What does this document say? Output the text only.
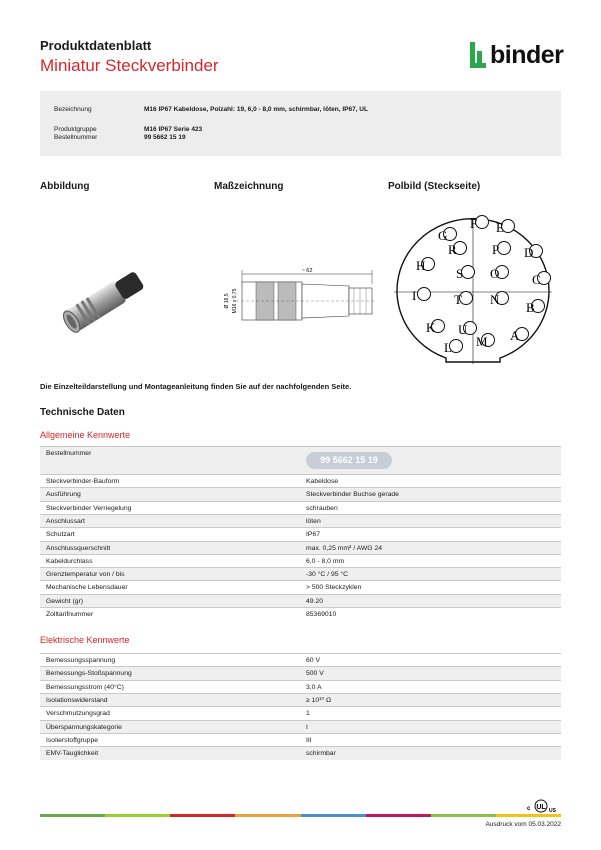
Produktdatenblatt
Miniatur Steckverbinder	binder
Bezeichnung	M16 IP67 Kabeldose, Polzahl: 19, 6,0 - 8,0 mm, schirmbar, löten, IP67, UL
Produktgruppe	M16 IP67 Serie 423
Bestellnummer	99 5662 15 19
Abbildung	Maßzeichnung	Polbild (Steckseite)
~ 62
Ø 18,5 M16 x 0,75
A
B
C
D
E
F
G
H
I
K
L M
N
O
P
R
S
T
U
Die Einzelteildarstellung und Montageanleitung finden Sie auf der nachfolgenden Seite.
Technische Daten
Allgemeine Kennwerte
Bestellnummer
99 5662 15 19
Steckverbinder-Bauform	Kabeldose
Ausführung	Steckverbinder Buchse gerade
Steckverbinder Verriegelung	schrauben
Anschlussart	löten
Schutzart	IP67
Anschlussquerschnitt	max. 0,25 mm² / AWG 24
Kabeldurchlass	6,0 - 8,0 mm
Grenztemperatur von / bis	-30 °C / 95 °C
Mechanische Lebensdauer	> 500 Steckzyklen
Gewicht (gr)	49.20
Zolltarifnummer	85369010
Elektrische Kennwerte
Bemessungsspannung	60 V
Bemessungs-Stoßspannung	500 V
Bemessungsstrom (40°C)	3,0 A
Isolationswiderstand	≥ 10¹⁰ Ω
Verschmutzungsgrad	1
Überspannungskategorie	I
Isolierstoffgruppe	III
EMV-Tauglichkeit	schirmbar
c UL US
Ausdruck vom 05.03.2022
